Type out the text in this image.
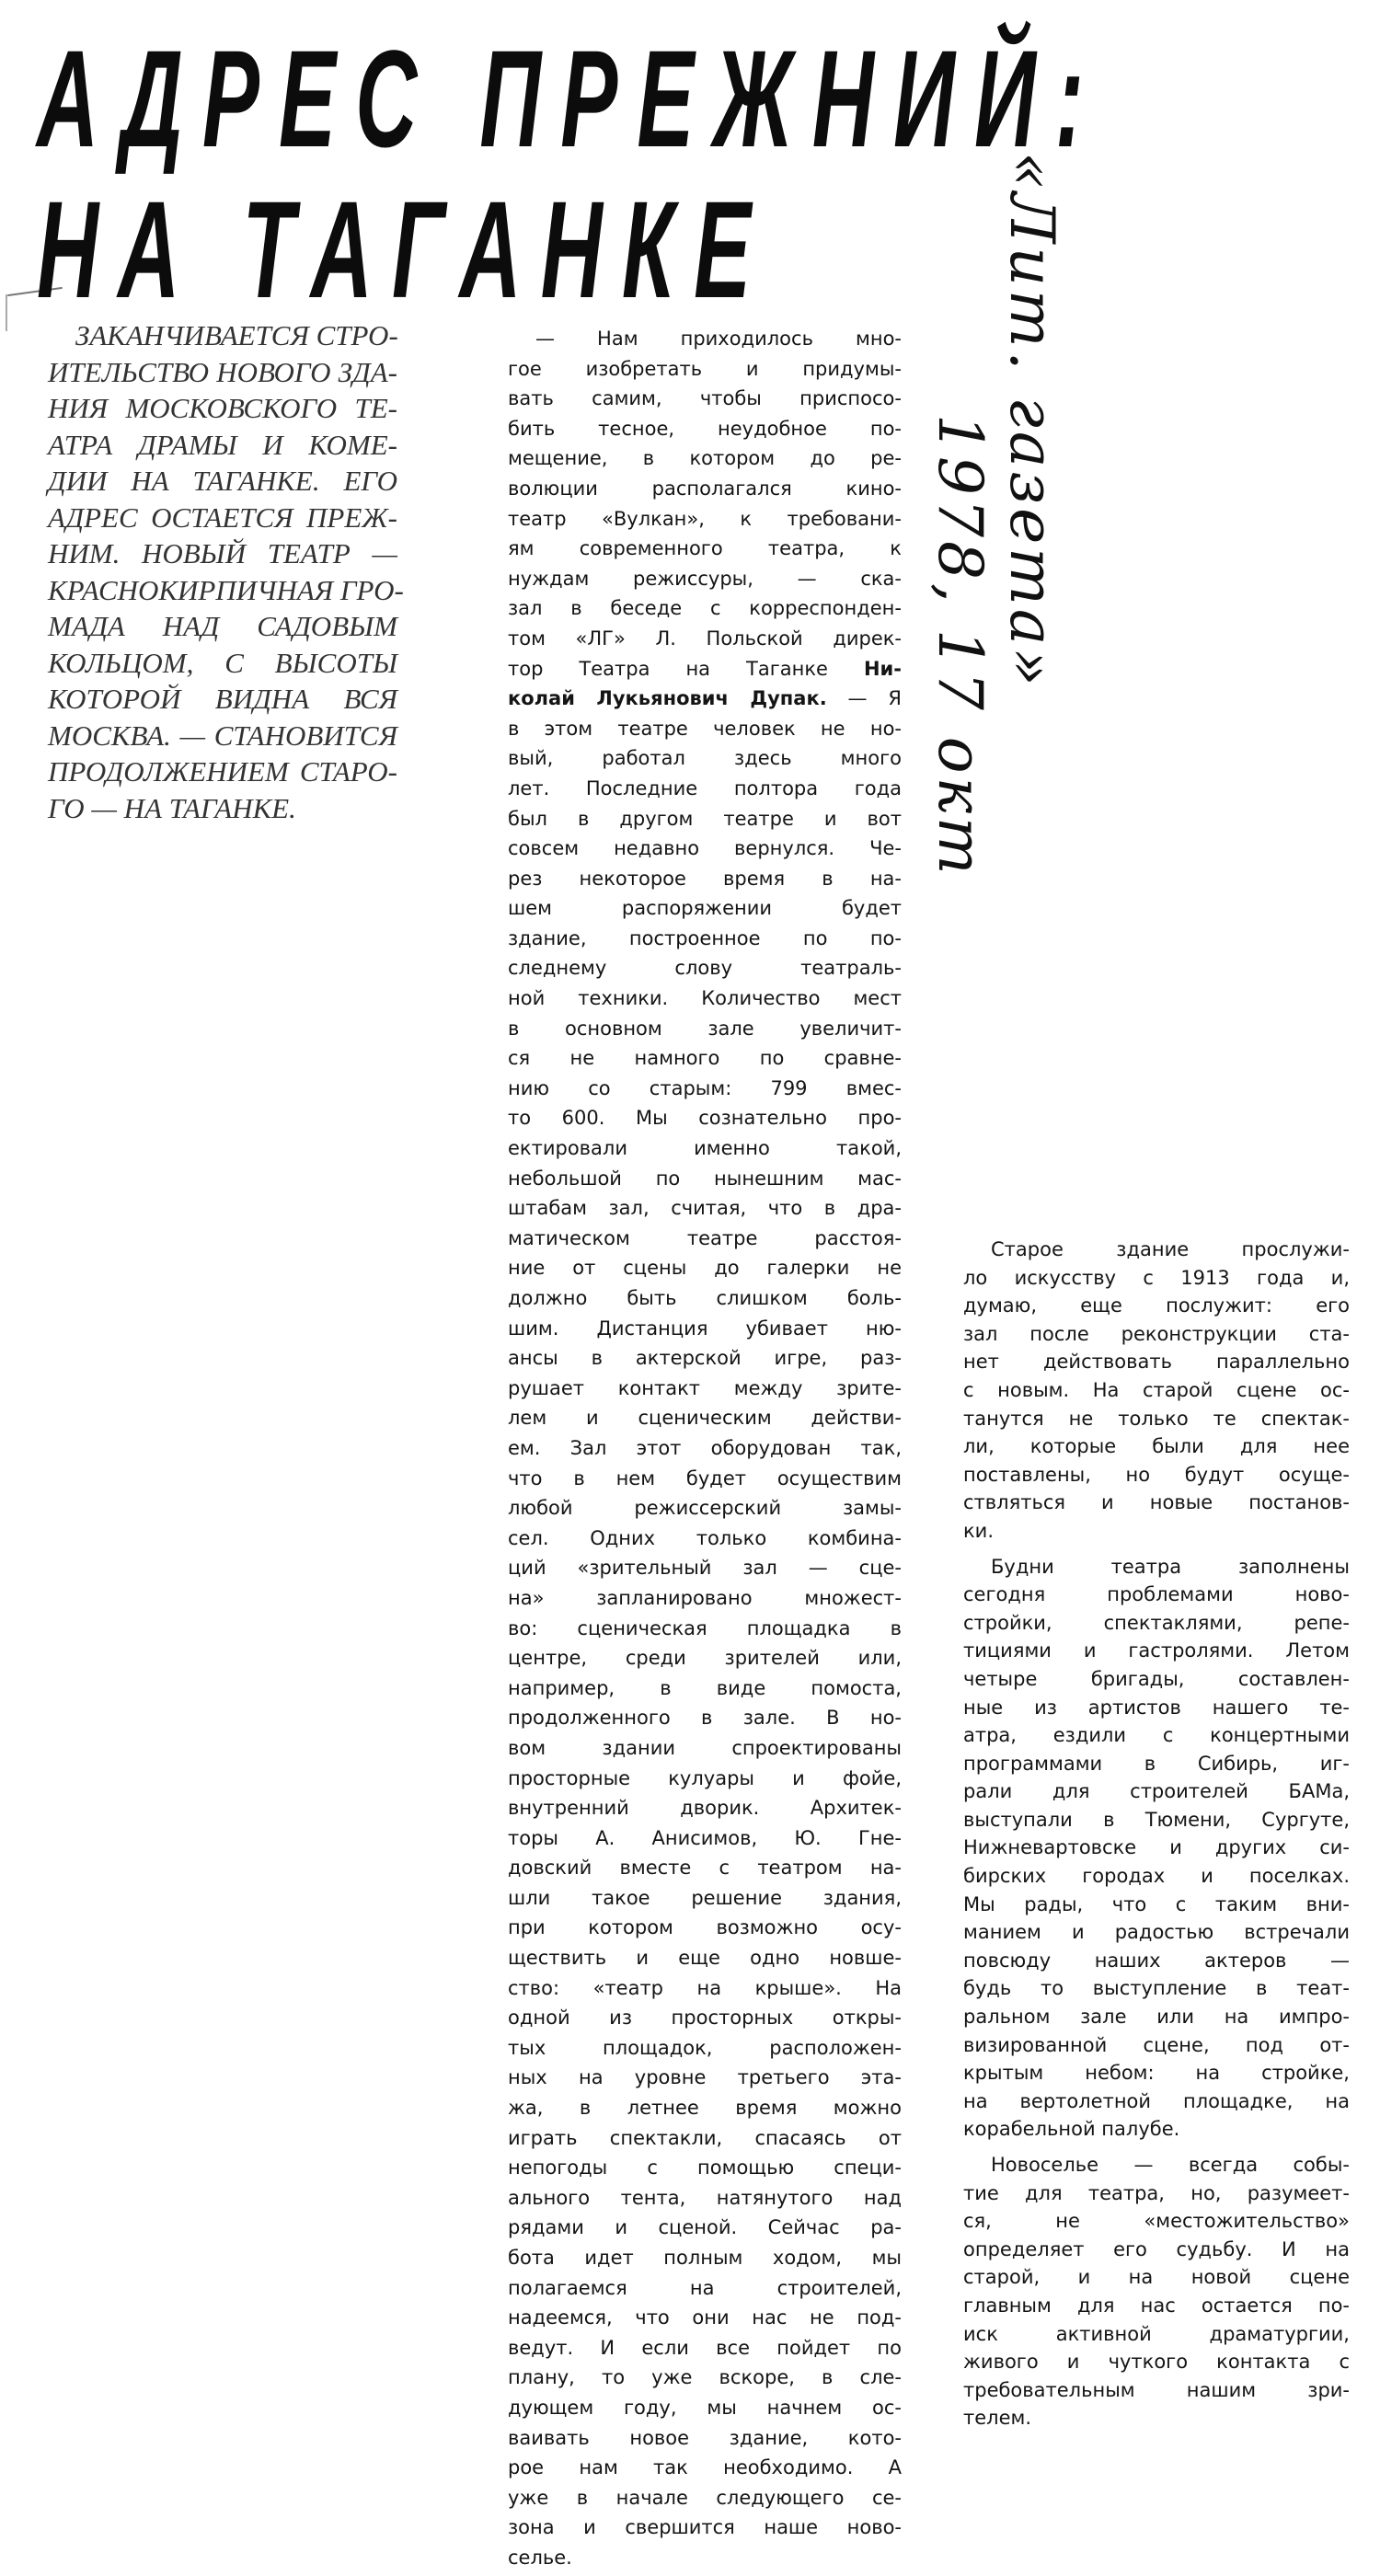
АДРЕС ПРЕЖНИЙ:
НА ТАГАНКЕ	«Лит. газета»
1978, 17 окт
ЗАКАНЧИВАЕТСЯ СТРО-
ИТЕЛЬСТВО НОВОГО ЗДА-
НИЯ МОСКОВСКОГО ТЕ-
АТРА ДРАМЫ И КОМЕ-
ДИИ НА ТАГАНКЕ. ЕГО
АДРЕС ОСТАЕТСЯ ПРЕЖ-
НИМ. НОВЫЙ ТЕАТР —
КРАСНОКИРПИЧНАЯ ГРО-
МАДА НАД САДОВЫМ
КОЛЬЦОМ, С ВЫСОТЫ
КОТОРОЙ ВИДНА ВСЯ
МОСКВА. — СТАНОВИТСЯ
ПРОДОЛЖЕНИЕМ СТАРО-
ГО — НА ТАГАНКЕ.
— Нам приходилось мно-
гое изобретать и придумы-
вать самим, чтобы приспосо-
бить тесное, неудобное по-
мещение, в котором до ре-
волюции располагался кино-
театр «Вулкан», к требовани-
ям современного театра, к
нуждам режиссуры, — ска-
зал в беседе с корреспонден-
том «ЛГ» Л. Польской дирек-
тор Театра на Таганке Ни-
колай Лукьянович Дупак. — Я
в этом театре человек не но-
вый, работал здесь много
лет. Последние полтора года
был в другом театре и вот
совсем недавно вернулся. Че-
рез некоторое время в на-
шем распоряжении будет
здание, построенное по по-
следнему слову театраль-
ной техники. Количество мест
в основном зале увеличит-
ся не намного по сравне-
нию со старым: 799 вмес-
то 600. Мы сознательно про-
ектировали именно такой,
небольшой по нынешним мас-
штабам зал, считая, что в дра-
матическом театре расстоя-
ние от сцены до галерки не
должно быть слишком боль-
шим. Дистанция убивает ню-
ансы в актерской игре, раз-
рушает контакт между зрите-
лем и сценическим действи-
ем. Зал этот оборудован так,
что в нем будет осуществим
любой режиссерский замы-
сел. Одних только комбина-
ций «зрительный зал — сце-
на» запланировано множест-
во: сценическая площадка в
центре, среди зрителей или,
например, в виде помоста,
продолженного в зале. В но-
вом здании спроектированы
просторные кулуары и фойе,
внутренний дворик. Архитек-
торы А. Анисимов, Ю. Гне-
довский вместе с театром на-
шли такое решение здания,
при котором возможно осу-
ществить и еще одно новше-
ство: «театр на крыше». На
одной из просторных откры-
тых площадок, расположен-
ных на уровне третьего эта-
жа, в летнее время можно
играть спектакли, спасаясь от
непогоды с помощью специ-
ального тента, натянутого над
рядами и сценой. Сейчас ра-
бота идет полным ходом, мы
полагаемся на строителей,
надеемся, что они нас не под-
ведут. И если все пойдет по
плану, то уже вскоре, в сле-
дующем году, мы начнем ос-
ваивать новое здание, кото-
рое нам так необходимо. А
уже в начале следующего се-
зона и свершится наше ново-
селье.
Старое здание прослужи-
ло искусству с 1913 года и,
думаю, еще послужит: его
зал после реконструкции ста-
нет действовать параллельно
с новым. На старой сцене ос-
танутся не только те спектак-
ли, которые были для нее
поставлены, но будут осуще-
ствляться и новые постанов-
ки.
Будни театра заполнены
сегодня проблемами ново-
стройки, спектаклями, репе-
тициями и гастролями. Летом
четыре бригады, составлен-
ные из артистов нашего те-
атра, ездили с концертными
программами в Сибирь, иг-
рали для строителей БАМа,
выступали в Тюмени, Сургуте,
Нижневартовске и других си-
бирских городах и поселках.
Мы рады, что с таким вни-
манием и радостью встречали
повсюду наших актеров —
будь то выступление в теат-
ральном зале или на импро-
визированной сцене, под от-
крытым небом: на стройке,
на вертолетной площадке, на
корабельной палубе.
Новоселье — всегда собы-
тие для театра, но, разумеет-
ся, не «местожительство»
определяет его судьбу. И на
старой, и на новой сцене
главным для нас остается по-
иск активной драматургии,
живого и чуткого контакта с
требовательным нашим зри-
телем.
